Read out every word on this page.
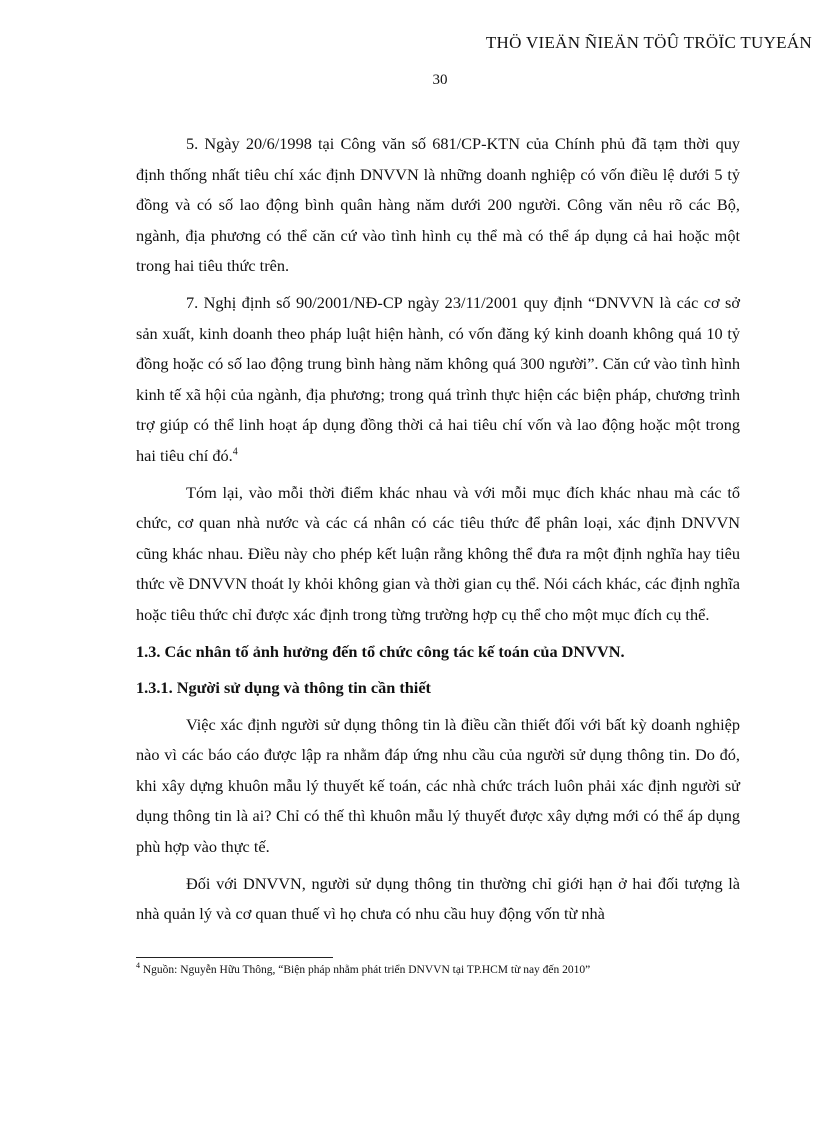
THÖ VIEÄN ÑIEÄN TÖÛ TRÖÏC TUYEÁN
30

5. Ngày 20/6/1998 tại Công văn số 681/CP-KTN của Chính phủ đã tạm thời quy định thống nhất tiêu chí xác định DNVVN là những doanh nghiệp có vốn điều lệ dưới 5 tỷ đồng và có số lao động bình quân hàng năm dưới 200 người. Công văn nêu rõ các Bộ, ngành, địa phương có thể căn cứ vào tình hình cụ thể mà có thể áp dụng cả hai hoặc một trong hai tiêu thức trên.

7. Nghị định số 90/2001/NĐ-CP ngày 23/11/2001 quy định “DNVVN là các cơ sở sản xuất, kinh doanh theo pháp luật hiện hành, có vốn đăng ký kinh doanh không quá 10 tỷ đồng hoặc có số lao động trung bình hàng năm không quá 300 người”. Căn cứ vào tình hình kinh tế xã hội của ngành, địa phương; trong quá trình thực hiện các biện pháp, chương trình trợ giúp có thể linh hoạt áp dụng đồng thời cả hai tiêu chí vốn và lao động hoặc một trong hai tiêu chí đó.$^4$

Tóm lại, vào mỗi thời điểm khác nhau và với mỗi mục đích khác nhau mà các tổ chức, cơ quan nhà nước và các cá nhân có các tiêu thức để phân loại, xác định DNVVN cũng khác nhau. Điều này cho phép kết luận rằng không thể đưa ra một định nghĩa hay tiêu thức về DNVVN thoát ly khỏi không gian và thời gian cụ thể. Nói cách khác, các định nghĩa hoặc tiêu thức chỉ được xác định trong từng trường hợp cụ thể cho một mục đích cụ thể.

1.3. Các nhân tố ảnh hưởng đến tổ chức công tác kế toán của DNVVN.

1.3.1. Người sử dụng và thông tin cần thiết

Việc xác định người sử dụng thông tin là điều cần thiết đối với bất kỳ doanh nghiệp nào vì các báo cáo được lập ra nhằm đáp ứng nhu cầu của người sử dụng thông tin. Do đó, khi xây dựng khuôn mẫu lý thuyết kế toán, các nhà chức trách luôn phải xác định người sử dụng thông tin là ai? Chỉ có thế thì khuôn mẫu lý thuyết được xây dựng mới có thể áp dụng phù hợp vào thực tế.

Đối với DNVVN, người sử dụng thông tin thường chỉ giới hạn ở hai đối tượng là nhà quản lý và cơ quan thuế vì họ chưa có nhu cầu huy động vốn từ nhà

$^4$ Nguồn: Nguyễn Hữu Thông, “Biện pháp nhằm phát triển DNVVN tại TP.HCM từ nay đến 2010”
